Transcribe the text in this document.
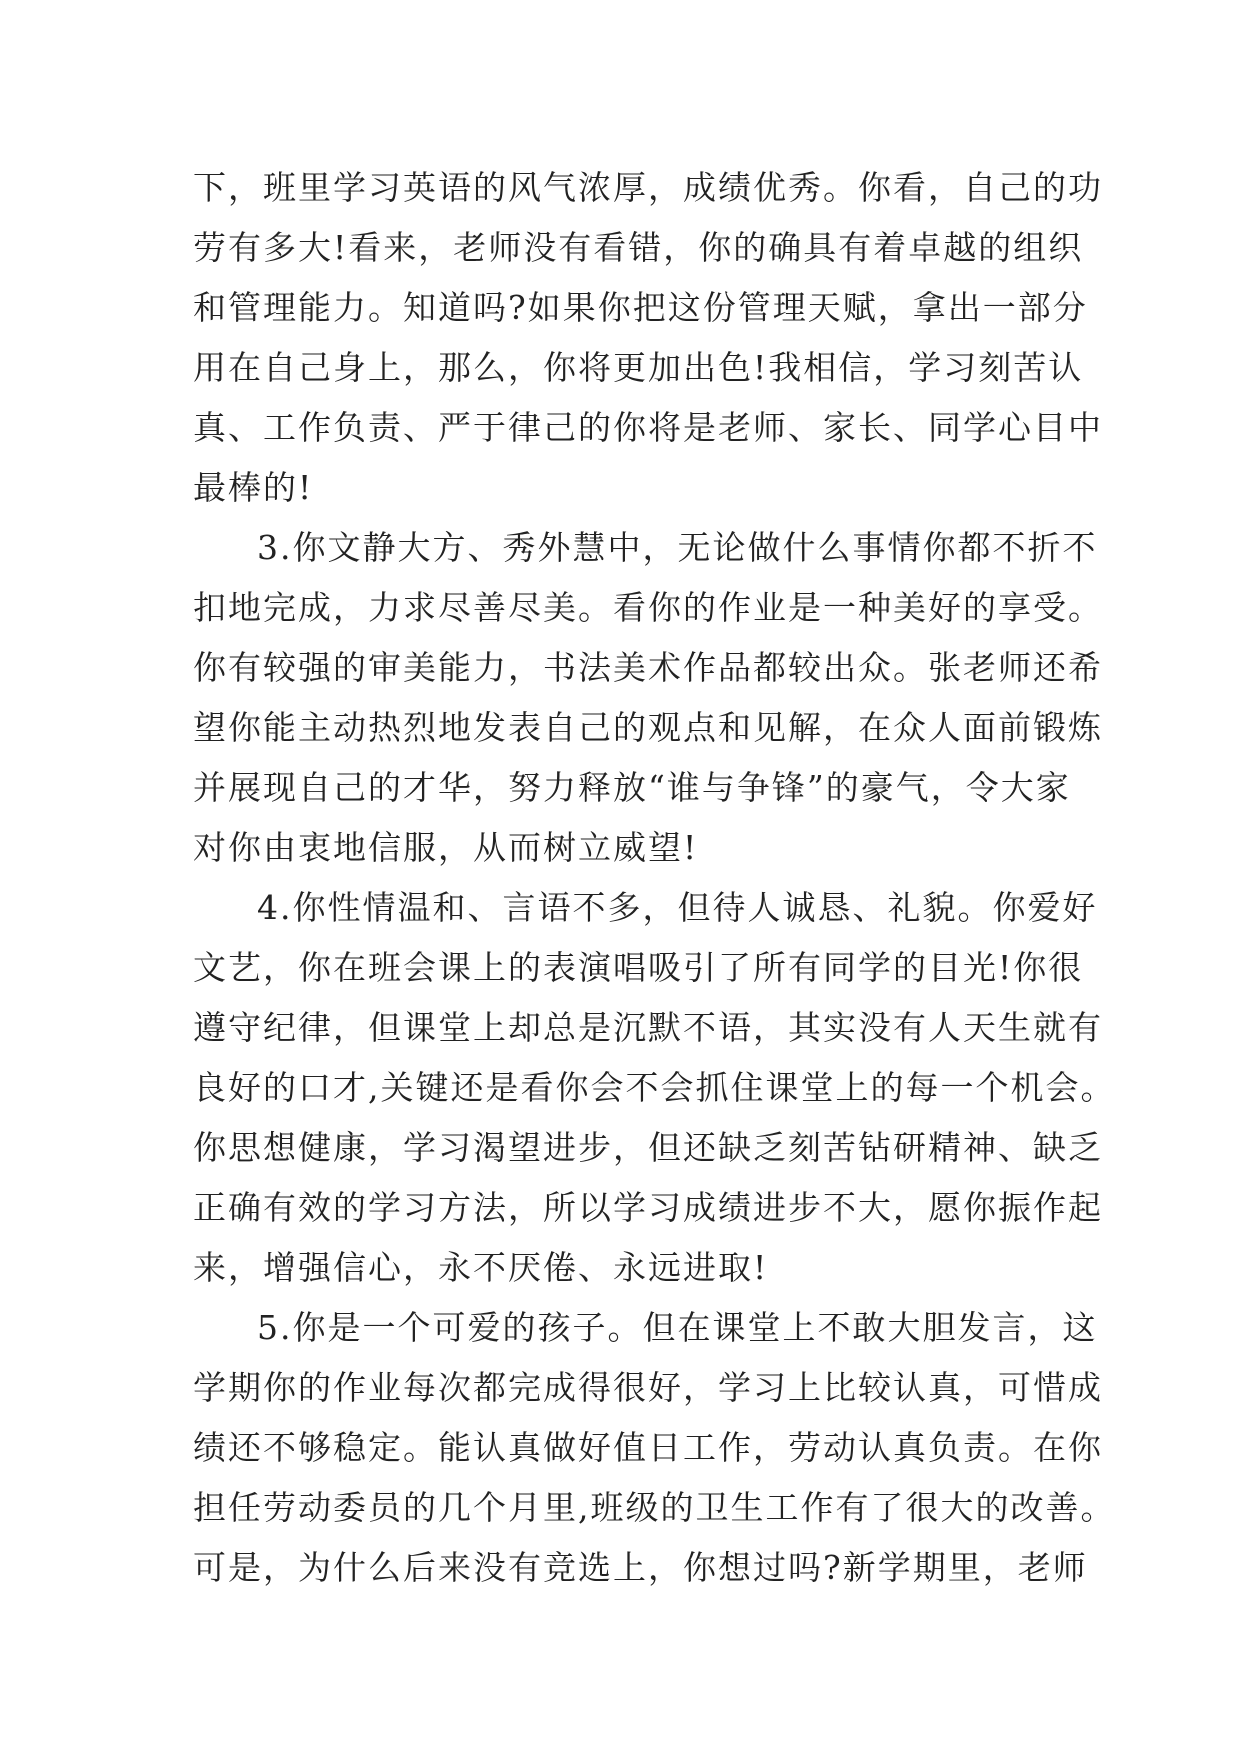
下，班里学习英语的风气浓厚，成绩优秀。你看，自己的功
劳有多大!看来，老师没有看错，你的确具有着卓越的组织
和管理能力。知道吗?如果你把这份管理天赋，拿出一部分
用在自己身上，那么，你将更加出色!我相信，学习刻苦认
真、工作负责、严于律己的你将是老师、家长、同学心目中
最棒的!
3.你文静大方、秀外慧中，无论做什么事情你都不折不
扣地完成，力求尽善尽美。看你的作业是一种美好的享受。
你有较强的审美能力，书法美术作品都较出众。张老师还希
望你能主动热烈地发表自己的观点和见解，在众人面前锻炼
并展现自己的才华，努力释放“谁与争锋”的豪气，令大家
对你由衷地信服，从而树立威望!
4.你性情温和、言语不多，但待人诚恳、礼貌。你爱好
文艺，你在班会课上的表演唱吸引了所有同学的目光!你很
遵守纪律，但课堂上却总是沉默不语，其实没有人天生就有
良好的口才,关键还是看你会不会抓住课堂上的每一个机会。
你思想健康，学习渴望进步，但还缺乏刻苦钻研精神、缺乏
正确有效的学习方法，所以学习成绩进步不大，愿你振作起
来，增强信心，永不厌倦、永远进取!
5.你是一个可爱的孩子。但在课堂上不敢大胆发言，这
学期你的作业每次都完成得很好，学习上比较认真，可惜成
绩还不够稳定。能认真做好值日工作，劳动认真负责。在你
担任劳动委员的几个月里,班级的卫生工作有了很大的改善。
可是，为什么后来没有竞选上，你想过吗?新学期里，老师
